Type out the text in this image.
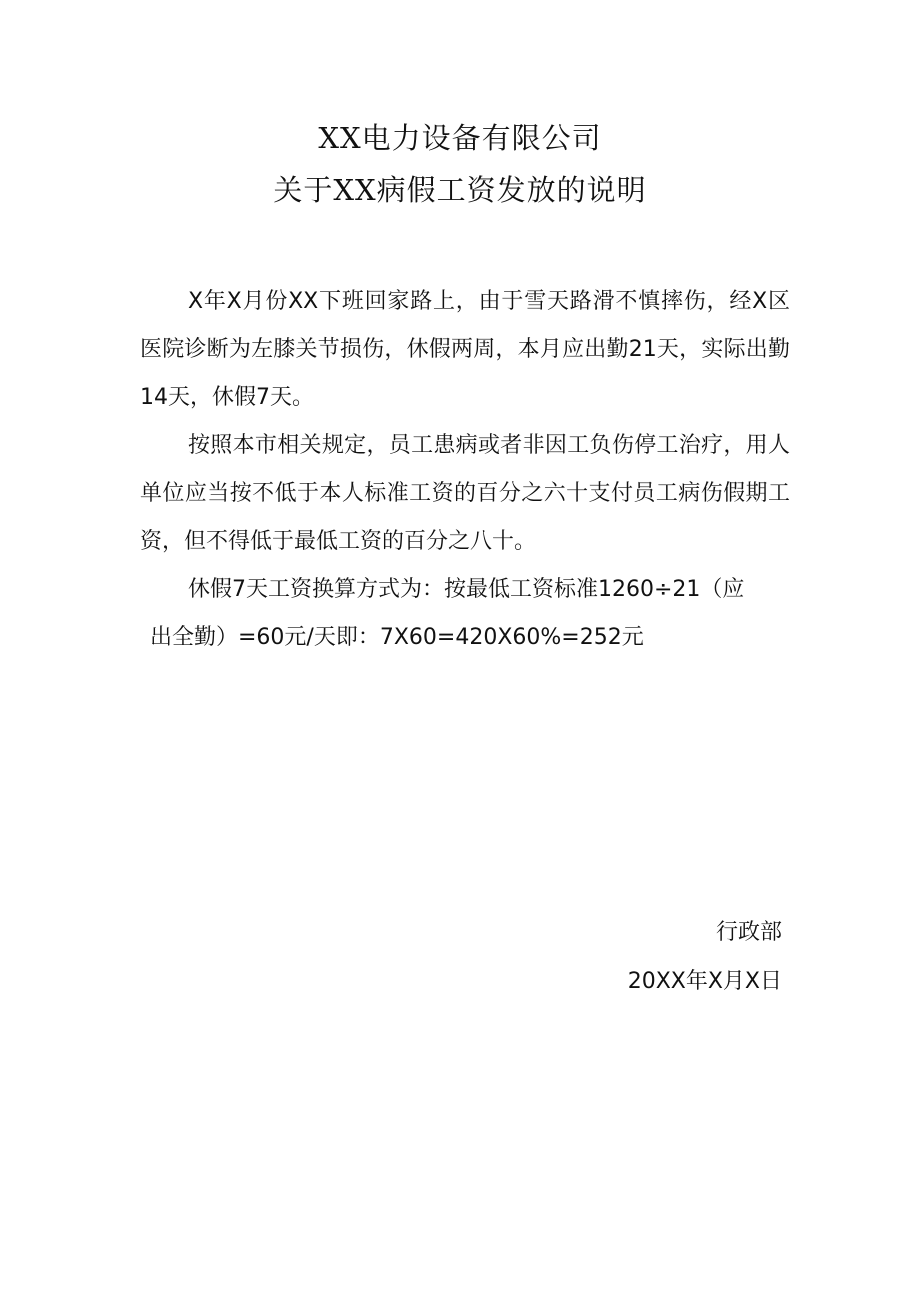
XX电力设备有限公司
关于XX病假工资发放的说明

X年X月份XX下班回家路上，由于雪天路滑不慎摔伤，经X区医院诊断为左膝关节损伤，休假两周，本月应出勤21天，实际出勤14天，休假7天。

按照本市相关规定，员工患病或者非因工负伤停工治疗，用人单位应当按不低于本人标准工资的百分之六十支付员工病伤假期工资，但不得低于最低工资的百分之八十。

休假7天工资换算方式为：按最低工资标准1260÷21（应

出全勤）=60元/天即：7X60=420X60%=252元

行政部
20XX年X月X日
